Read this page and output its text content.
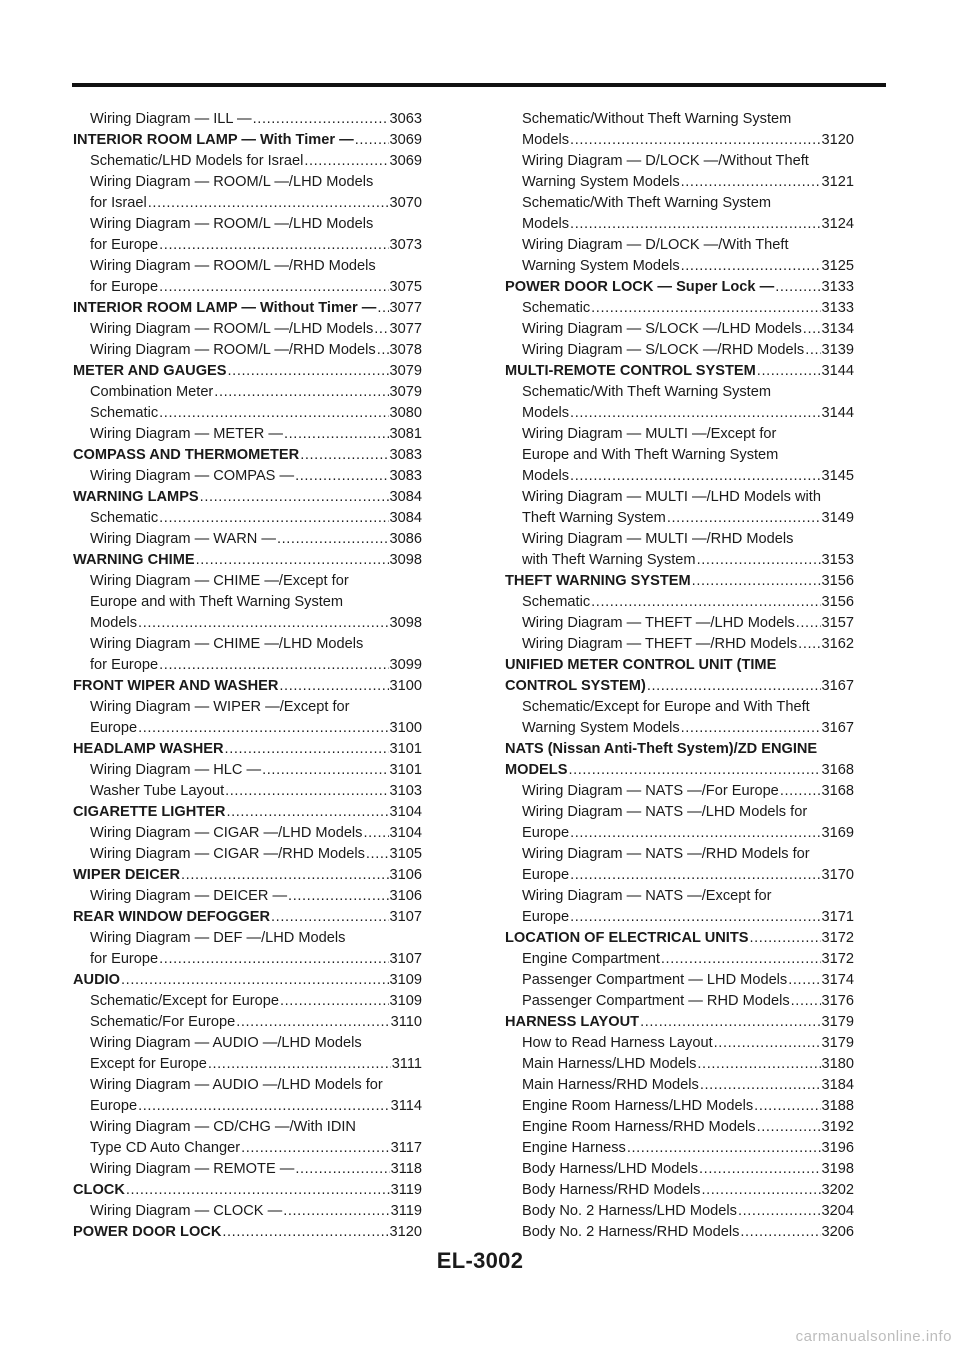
Wiring Diagram — ILL — .....	3063
INTERIOR ROOM LAMP — With Timer — ..... 3069
Schematic/LHD Models for Israel .....	3069
Wiring Diagram — ROOM/L —/LHD Models
for Israel .....	3070
Wiring Diagram — ROOM/L —/LHD Models
for Europe .....	3073
Wiring Diagram — ROOM/L —/RHD Models
for Europe .....	3075
INTERIOR ROOM LAMP — Without Timer — ..... 3077
Wiring Diagram — ROOM/L —/LHD Models ..... 3077
Wiring Diagram — ROOM/L —/RHD Models ..... 3078
METER AND GAUGES .....	3079
Combination Meter .....	3079
Schematic .....	3080
Wiring Diagram — METER — .....	3081
COMPASS AND THERMOMETER .....	3083
Wiring Diagram — COMPAS — .....	3083
WARNING LAMPS .....	3084
Schematic .....	3084
Wiring Diagram — WARN — .....	3086
WARNING CHIME .....	3098
Wiring Diagram — CHIME —/Except for
Europe and with Theft Warning System
Models .....	3098
Wiring Diagram — CHIME —/LHD Models
for Europe .....	3099
FRONT WIPER AND WASHER .....	3100
Wiring Diagram — WIPER —/Except for
Europe .....	3100
HEADLAMP WASHER .....	3101
Wiring Diagram — HLC — .....	3101
Washer Tube Layout .....	3103
CIGARETTE LIGHTER .....	3104
Wiring Diagram — CIGAR —/LHD Models ..... 3104
Wiring Diagram — CIGAR —/RHD Models ..... 3105
WIPER DEICER .....	3106
Wiring Diagram — DEICER — .....	3106
REAR WINDOW DEFOGGER .....	3107
Wiring Diagram — DEF —/LHD Models
for Europe .....	3107
AUDIO .....	3109
Schematic/Except for Europe .....	3109
Schematic/For Europe .....	3110
Wiring Diagram — AUDIO —/LHD Models
Except for Europe .....	3111
Wiring Diagram — AUDIO —/LHD Models for
Europe .....	3114
Wiring Diagram — CD/CHG —/With IDIN
Type CD Auto Changer .....	3117
Wiring Diagram — REMOTE — .....	3118
CLOCK .....	3119
Wiring Diagram — CLOCK — .....	3119
POWER DOOR LOCK .....	3120
Schematic/Without Theft Warning System
Models .....	3120
Wiring Diagram — D/LOCK —/Without Theft
Warning System Models .....	3121
Schematic/With Theft Warning System
Models .....	3124
Wiring Diagram — D/LOCK —/With Theft
Warning System Models .....	3125
POWER DOOR LOCK — Super Lock — .....	3133
Schematic .....	3133
Wiring Diagram — S/LOCK —/LHD Models ..... 3134
Wiring Diagram — S/LOCK —/RHD Models ..... 3139
MULTI-REMOTE CONTROL SYSTEM .....	3144
Schematic/With Theft Warning System
Models .....	3144
Wiring Diagram — MULTI —/Except for
Europe and With Theft Warning System
Models .....	3145
Wiring Diagram — MULTI —/LHD Models with
Theft Warning System .....	3149
Wiring Diagram — MULTI —/RHD Models
with Theft Warning System .....	3153
THEFT WARNING SYSTEM .....	3156
Schematic .....	3156
Wiring Diagram — THEFT —/LHD Models ..... 3157
Wiring Diagram — THEFT —/RHD Models ..... 3162
UNIFIED METER CONTROL UNIT (TIME
CONTROL SYSTEM) .....	3167
Schematic/Except for Europe and With Theft
Warning System Models .....	3167
NATS (Nissan Anti-Theft System)/ZD ENGINE
MODELS .....	3168
Wiring Diagram — NATS —/For Europe .....	3168
Wiring Diagram — NATS —/LHD Models for
Europe .....	3169
Wiring Diagram — NATS —/RHD Models for
Europe .....	3170
Wiring Diagram — NATS —/Except for
Europe .....	3171
LOCATION OF ELECTRICAL UNITS .....	3172
Engine Compartment .....	3172
Passenger Compartment — LHD Models ..... 3174
Passenger Compartment — RHD Models ..... 3176
HARNESS LAYOUT .....	3179
How to Read Harness Layout .....	3179
Main Harness/LHD Models .....	3180
Main Harness/RHD Models .....	3184
Engine Room Harness/LHD Models .....	3188
Engine Room Harness/RHD Models .....	3192
Engine Harness .....	3196
Body Harness/LHD Models .....	3198
Body Harness/RHD Models .....	3202
Body No. 2 Harness/LHD Models .....	3204
Body No. 2 Harness/RHD Models .....	3206
EL-3002
carmanualsonline.info
